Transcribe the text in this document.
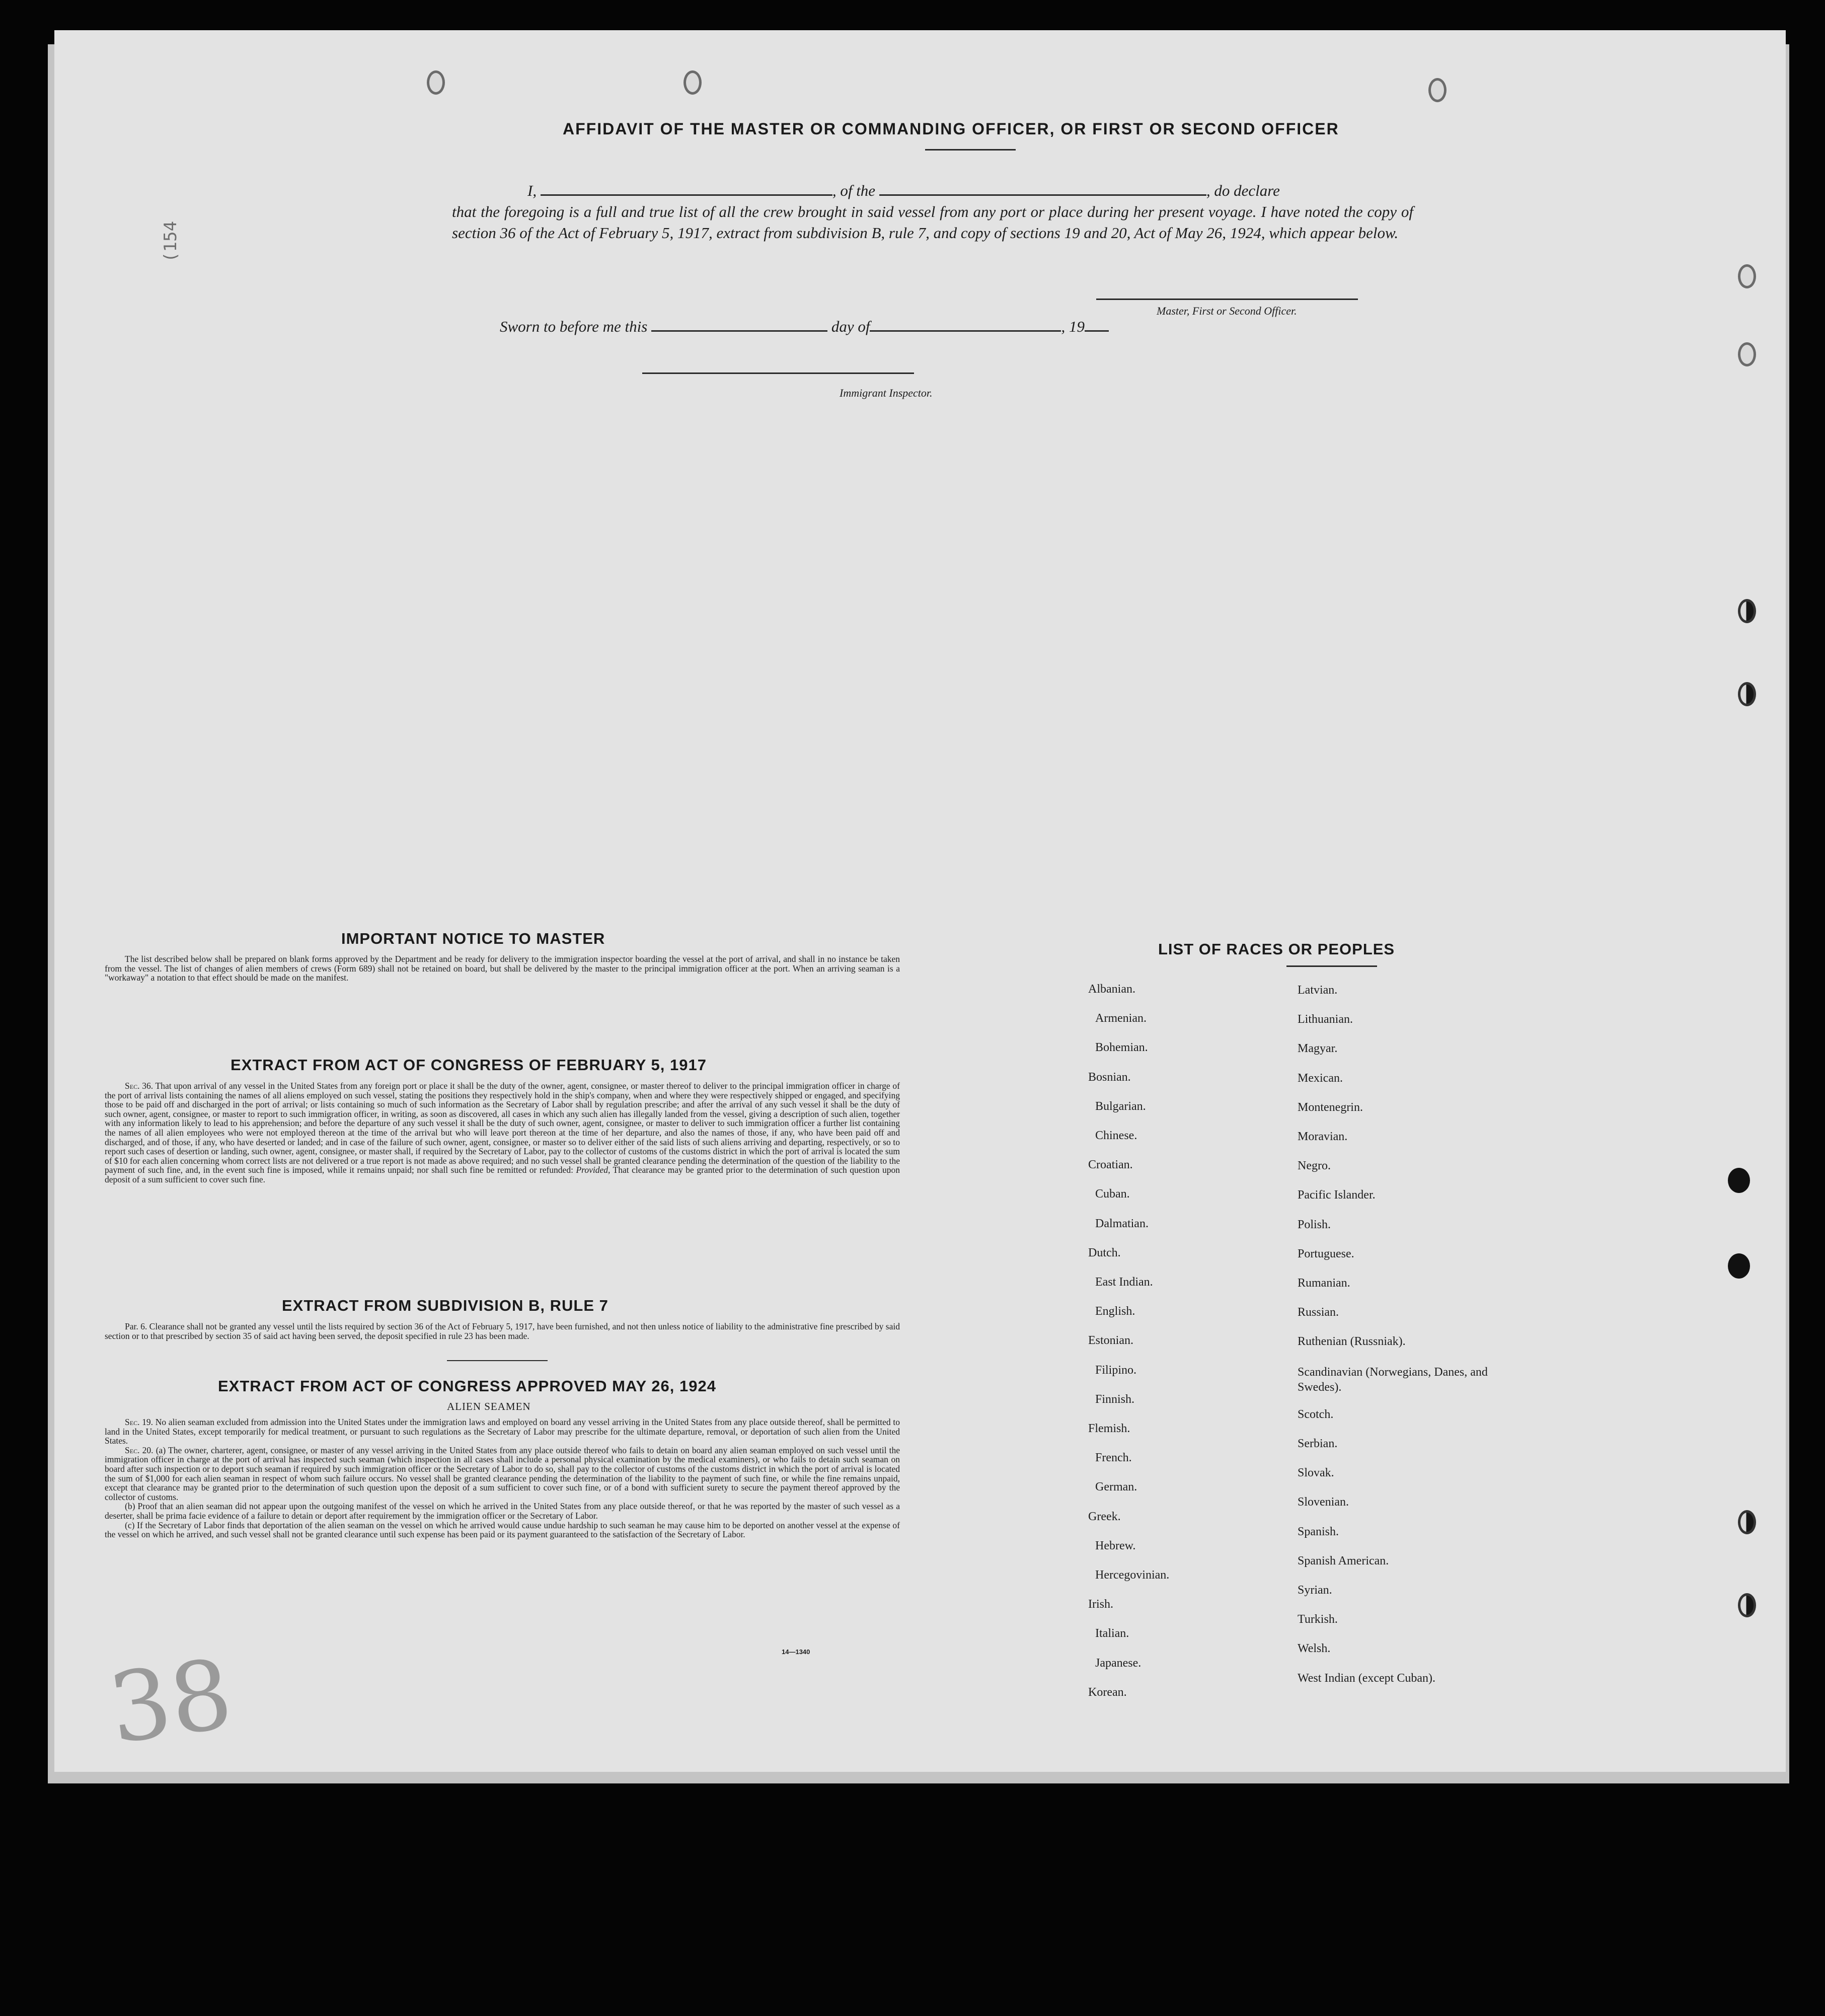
AFFIDAVIT OF THE MASTER OR COMMANDING OFFICER, OR FIRST OR SECOND OFFICER
I,	, of the	, do declare
that the foregoing is a full and true list of all the crew brought in said vessel from any port or place during her present voyage. I have noted the copy of section 36 of the Act of February 5, 1917, extract from subdivision B, rule 7, and copy of sections 19 and 20, Act of May 26, 1924, which appear below.
Master, First or Second Officer.
Sworn to before me this	day of	, 19
Immigrant Inspector.
(154
38
IMPORTANT NOTICE TO MASTER

The list described below shall be prepared on blank forms approved by the Department and be ready for delivery to the immigration inspector boarding the vessel at the port of arrival, and shall in no instance be taken from the vessel. The list of changes of alien members of crews (Form 689) shall not be retained on board, but shall be delivered by the master to the principal immigration officer at the port. When an arriving seaman is a "workaway" a notation to that effect should be made on the manifest.

EXTRACT FROM ACT OF CONGRESS OF FEBRUARY 5, 1917

Sec. 36. That upon arrival of any vessel in the United States from any foreign port or place it shall be the duty of the owner, agent, consignee, or master thereof to deliver to the principal immigration officer in charge of the port of arrival lists containing the names of all aliens employed on such vessel, stating the positions they respectively hold in the ship's company, when and where they were respectively shipped or engaged, and specifying those to be paid off and discharged in the port of arrival; or lists containing so much of such information as the Secretary of Labor shall by regulation prescribe; and after the arrival of any such vessel it shall be the duty of such owner, agent, consignee, or master to report to such immigration officer, in writing, as soon as discovered, all cases in which any such alien has illegally landed from the vessel, giving a description of such alien, together with any information likely to lead to his apprehension; and before the departure of any such vessel it shall be the duty of such owner, agent, consignee, or master to deliver to such immigration officer a further list containing the names of all alien employees who were not employed thereon at the time of the arrival but who will leave port thereon at the time of her departure, and also the names of those, if any, who have been paid off and discharged, and of those, if any, who have deserted or landed; and in case of the failure of such owner, agent, consignee, or master so to deliver either of the said lists of such aliens arriving and departing, respectively, or so to report such cases of desertion or landing, such owner, agent, consignee, or master shall, if required by the Secretary of Labor, pay to the collector of customs of the customs district in which the port of arrival is located the sum of $10 for each alien concerning whom correct lists are not delivered or a true report is not made as above required; and no such vessel shall be granted clearance pending the determination of the question of the liability to the payment of such fine, and, in the event such fine is imposed, while it remains unpaid; nor shall such fine be remitted or refunded: Provided, That clearance may be granted prior to the determination of such question upon deposit of a sum sufficient to cover such fine.

EXTRACT FROM SUBDIVISION B, RULE 7

Par. 6. Clearance shall not be granted any vessel until the lists required by section 36 of the Act of February 5, 1917, have been furnished, and not then unless notice of liability to the administrative fine prescribed by said section or to that prescribed by section 35 of said act having been served, the deposit specified in rule 23 has been made.

EXTRACT FROM ACT OF CONGRESS APPROVED MAY 26, 1924
ALIEN SEAMEN

Sec. 19. No alien seaman excluded from admission into the United States under the immigration laws and employed on board any vessel arriving in the United States from any place outside thereof, shall be permitted to land in the United States, except temporarily for medical treatment, or pursuant to such regulations as the Secretary of Labor may prescribe for the ultimate departure, removal, or deportation of such alien from the United States.

Sec. 20. (a) The owner, charterer, agent, consignee, or master of any vessel arriving in the United States from any place outside thereof who fails to detain on board any alien seaman employed on such vessel until the immigration officer in charge at the port of arrival has inspected such seaman (which inspection in all cases shall include a personal physical examination by the medical examiners), or who fails to detain such seaman on board after such inspection or to deport such seaman if required by such immigration officer or the Secretary of Labor to do so, shall pay to the collector of customs of the customs district in which the port of arrival is located the sum of $1,000 for each alien seaman in respect of whom such failure occurs. No vessel shall be granted clearance pending the determination of the liability to the payment of such fine, or while the fine remains unpaid, except that clearance may be granted prior to the determination of such question upon the deposit of a sum sufficient to cover such fine, or of a bond with sufficient surety to secure the payment thereof approved by the collector of customs.

(b) Proof that an alien seaman did not appear upon the outgoing manifest of the vessel on which he arrived in the United States from any place outside thereof, or that he was reported by the master of such vessel as a deserter, shall be prima facie evidence of a failure to detain or deport after requirement by the immigration officer or the Secretary of Labor.

(c) If the Secretary of Labor finds that deportation of the alien seaman on the vessel on which he arrived would cause undue hardship to such seaman he may cause him to be deported on another vessel at the expense of the vessel on which he arrived, and such vessel shall not be granted clearance until such expense has been paid or its payment guaranteed to the satisfaction of the Secretary of Labor.

14—1340
LIST OF RACES OR PEOPLES
Albanian.
Armenian.
Bohemian.
Bosnian.
Bulgarian.
Chinese.
Croatian.
Cuban.
Dalmatian.
Dutch.
East Indian.
English.
Estonian.
Filipino.
Finnish.
Flemish.
French.
German.
Greek.
Hebrew.
Hercegovinian.
Irish.
Italian.
Japanese.
Korean.
Latvian.
Lithuanian.
Magyar.
Mexican.
Montenegrin.
Moravian.
Negro.
Pacific Islander.
Polish.
Portuguese.
Rumanian.
Russian.
Ruthenian (Russniak).
Scandinavian (Norwegians, Danes, and Swedes).
Scotch.
Serbian.
Slovak.
Slovenian.
Spanish.
Spanish American.
Syrian.
Turkish.
Welsh.
West Indian (except Cuban).
